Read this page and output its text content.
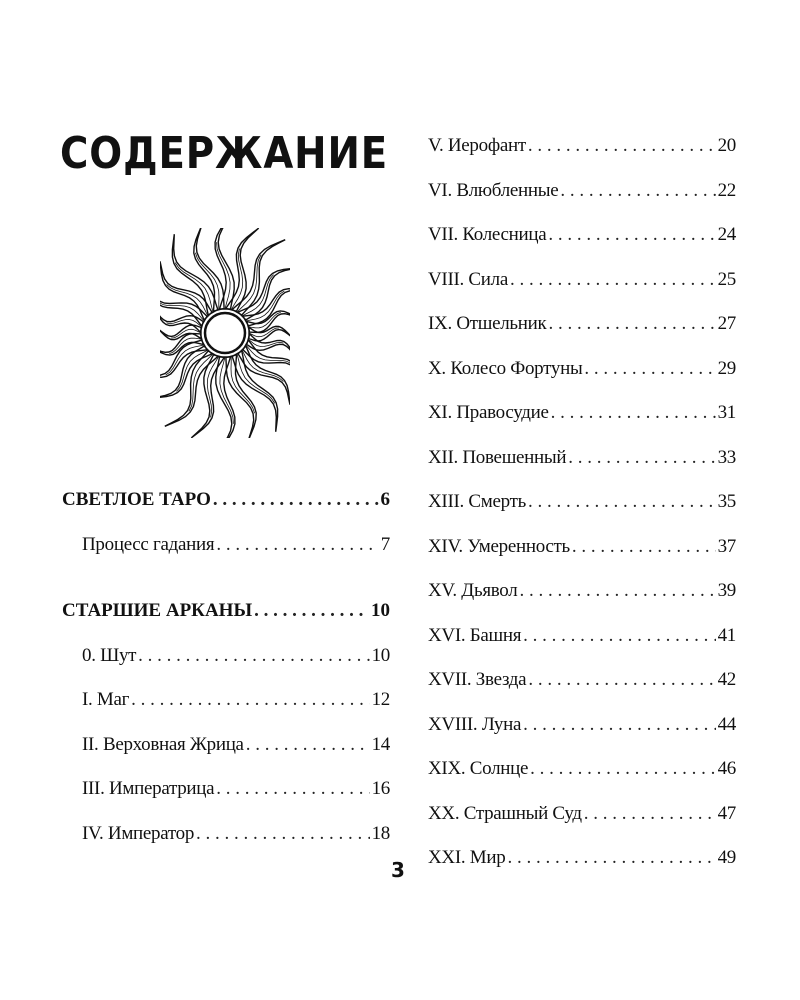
СОДЕРЖАНИЕ
СВЕТЛОЕ ТАРО . . .	6
Процесс гадания . . .	7
СТАРШИЕ АРКАНЫ . . .	10
0. Шут . . .	10
I. Маг . . .	12
II. Верховная Жрица . . .	14
III. Императрица . . .	16
IV. Император . . .	18
V. Иерофант . . .	20
VI. Влюбленные . . .	22
VII. Колесница . . .	24
VIII. Сила . . .	25
IX. Отшельник . . .	27
X. Колесо Фортуны . . .	29
XI. Правосудие . . .	31
XII. Повешенный . . .	33
XIII. Смерть . . .	35
XIV. Умеренность . . .	37
XV. Дьявол . . .	39
XVI. Башня . . .	41
XVII. Звезда . . .	42
XVIII. Луна . . .	44
XIX. Солнце . . .	46
XX. Страшный Суд . . .	47
XXI. Мир . . .	49
3
